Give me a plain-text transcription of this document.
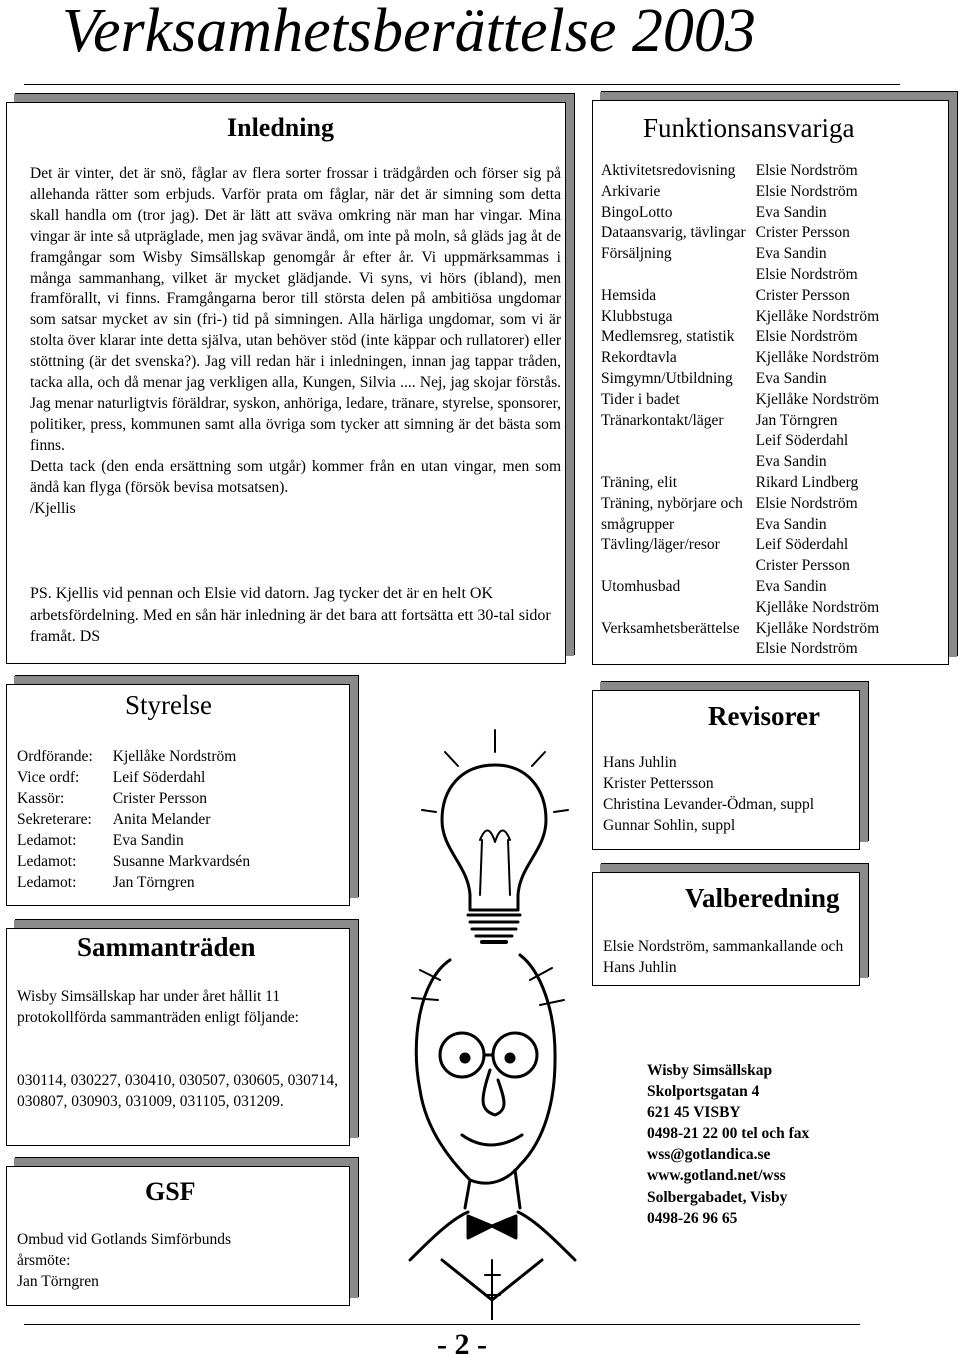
Verksamhetsberättelse 2003
Inledning

Det är vinter, det är snö, fåglar av flera sorter frossar i trädgården och förser sig på allehanda rätter som erbjuds. Varför prata om fåglar, när det är simning som detta skall handla om (tror jag). Det är lätt att sväva omkring när man har vingar. Mina vingar är inte så utpräglade, men jag svävar ändå, om inte på moln, så gläds jag åt de framgångar som Wisby Simsällskap genomgår år efter år. Vi uppmärksammas i många sammanhang, vilket är mycket glädjande. Vi syns, vi hörs (ibland), men framförallt, vi finns. Framgångarna beror till största delen på ambitiösa ungdomar som satsar mycket av sin (fri-) tid på simningen. Alla härliga ungdomar, som vi är stolta över klarar inte detta själva, utan behöver stöd (inte käppar och rullatorer) eller stöttning (är det svenska?). Jag vill redan här i inledningen, innan jag tappar tråden, tacka alla, och då menar jag verkligen alla, Kungen, Silvia .... Nej, jag skojar förstås. Jag menar naturligtvis föräldrar, syskon, anhöriga, ledare, tränare, styrelse, sponsorer, politiker, press, kommunen samt alla övriga som tycker att simning är det bästa som finns.

Detta tack (den enda ersättning som utgår) kommer från en utan vingar, men som ändå kan flyga (försök bevisa motsatsen).

/Kjellis

PS. Kjellis vid pennan och Elsie vid datorn. Jag tycker det är en helt OK arbetsfördelning. Med en sån här inledning är det bara att fortsätta ett 30-tal sidor framåt. DS
Funktionsansvariga
Aktivitetsredovisning	Elsie Nordström
Arkivarie	Elsie Nordström
BingoLotto	Eva Sandin
Dataansvarig, tävlingar	Crister Persson
Försäljning	Eva Sandin
	Elsie Nordström
Hemsida	Crister Persson
Klubbstuga	Kjellåke Nordström
Medlemsreg, statistik	Elsie Nordström
Rekordtavla	Kjellåke Nordström
Simgymn/Utbildning	Eva Sandin
Tider i badet	Kjellåke Nordström
Tränarkontakt/läger	Jan Törngren
	Leif Söderdahl
	Eva Sandin
Träning, elit	Rikard Lindberg
Träning, nybörjare och	Elsie Nordström
smågrupper	Eva Sandin
Tävling/läger/resor	Leif Söderdahl
	Crister Persson
Utomhusbad	Eva Sandin
	Kjellåke Nordström
Verksamhetsberättelse	Kjellåke Nordström
	Elsie Nordström
Styrelse
Ordförande:	Kjellåke Nordström
Vice ordf:	Leif Söderdahl
Kassör:	Crister Persson
Sekreterare:	Anita Melander
Ledamot:	Eva Sandin
Ledamot:	Susanne Markvardsén
Ledamot:	Jan Törngren
Sammanträden
Wisby Simsällskap har under året hållit 11 protokollförda sammanträden enligt följande:
030114, 030227, 030410, 030507, 030605, 030714, 030807, 030903, 031009, 031105, 031209.
GSF
Ombud vid Gotlands Simförbunds
årsmöte:
Jan Törngren
Revisorer
Hans Juhlin
Krister Pettersson
Christina Levander-Ödman, suppl
Gunnar Sohlin, suppl
Valberedning
Elsie Nordström, sammankallande och
Hans Juhlin
Wisby Simsällskap
Skolportsgatan 4
621 45 VISBY
0498-21 22 00 tel och fax
wss@gotlandica.se
www.gotland.net/wss
Solbergabadet, Visby
0498-26 96 65
- 2 -
